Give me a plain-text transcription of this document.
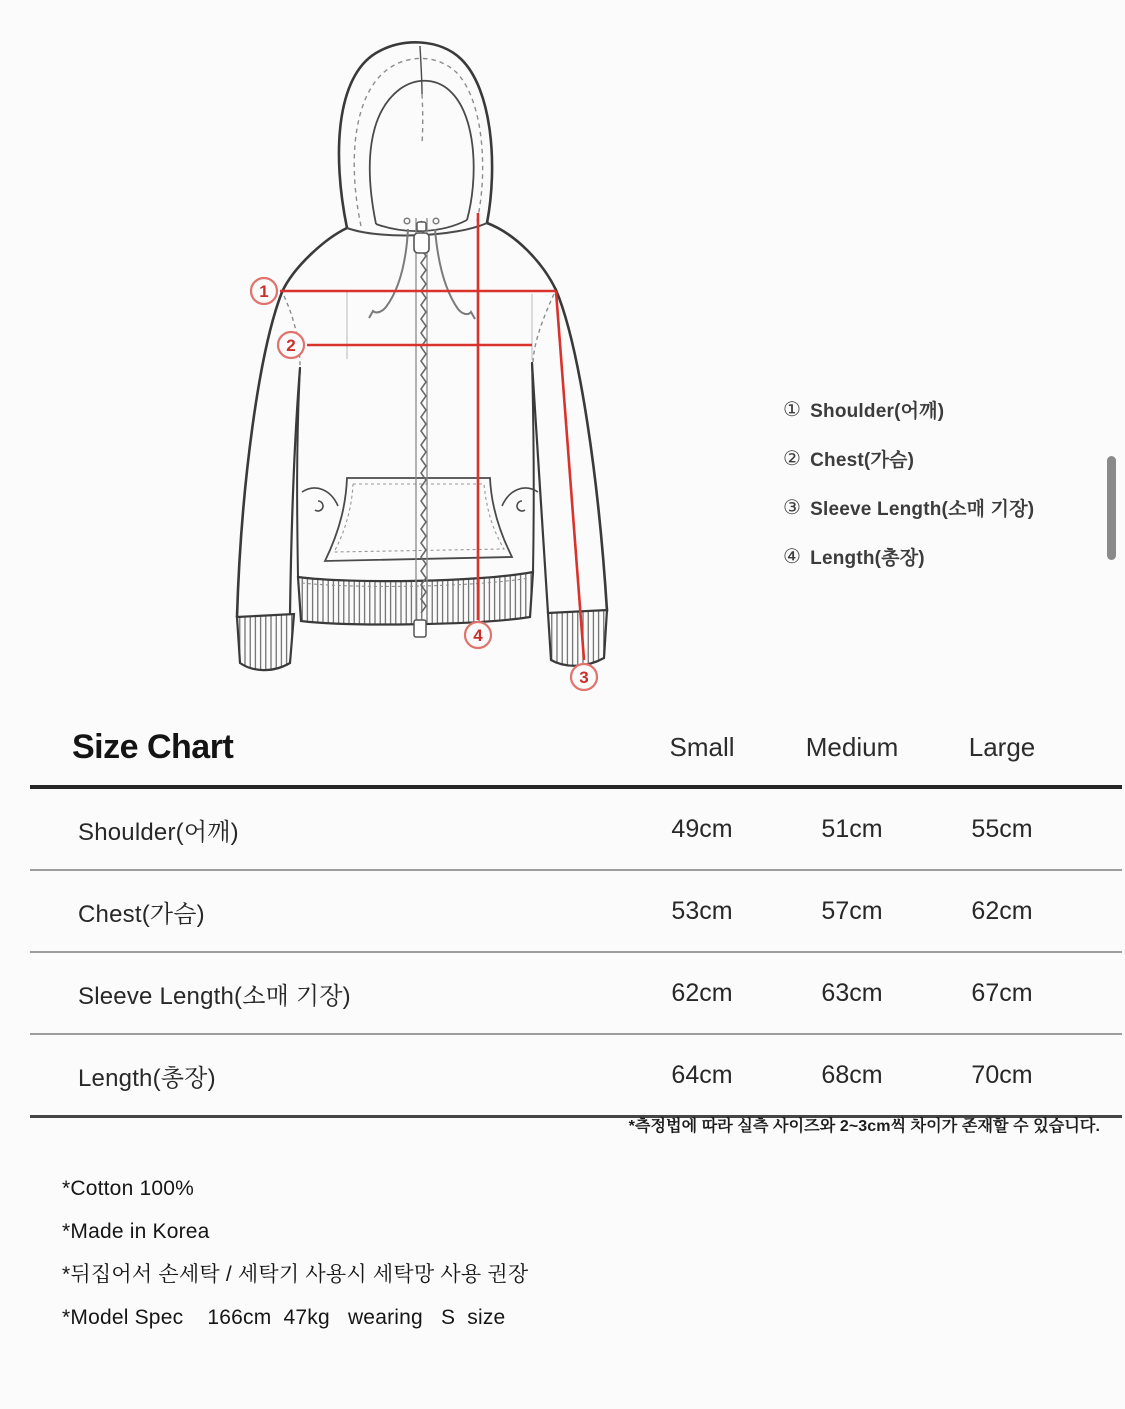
1
2
4
3
① Shoulder(어깨)
② Chest(가슴)
③ Sleeve Length(소매 기장)
④ Length(총장)
Size Chart	Small	Medium	Large
Shoulder(어깨)	49cm	51cm	55cm
Chest(가슴)	53cm	57cm	62cm
Sleeve Length(소매 기장)	62cm	63cm	67cm
Length(총장)	64cm	68cm	70cm
*측정법에 따라 실측 사이즈와 2~3cm씩 차이가 존재할 수 있습니다.
*Cotton 100%
*Made in Korea
*뒤집어서 손세탁 / 세탁기 사용시 세탁망 사용 권장
*Model Spec    166cm  47kg   wearing   S  size
